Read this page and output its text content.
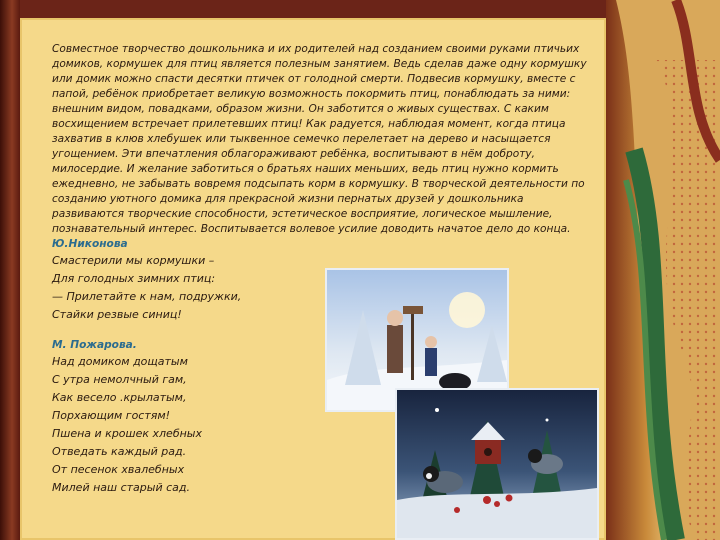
Совместное творчество дошкольника и их родителей над созданием своими руками птичьих домиков, кормушек для птиц является полезным занятием. Ведь сделав даже одну кормушку или домик можно спасти десятки птичек от голодной смерти. Подвесив кормушку, вместе с папой, ребёнок приобретает великую возможность покормить птиц, понаблюдать за ними: внешним видом, повадками, образом жизни. Он заботится о живых существах. С каким восхищением встречает прилетевших птиц! Как радуется, наблюдая момент, когда птица захватив в клюв хлебушек или тыквенное семечко перелетает на дерево и насыщается угощением. Эти впечатления облагораживают ребёнка, воспитывают в нём доброту, милосердие. И желание заботиться о братьях наших меньших, ведь птиц нужно кормить ежедневно, не забывать вовремя подсыпать корм в кормушку. В творческой деятельности по созданию уютного домика для прекрасной жизни пернатых друзей у дошкольника развиваются творческие способности, эстетическое восприятие, логическое мышление, познавательный интерес. Воспитывается волевое усилие доводить начатое дело до конца.

Ю.Никонова

Смастерили мы кормушки –

Для голодных зимних птиц:

— Прилетайте к нам, подружки,

Стайки резвые синиц!

М. Пожарова.

Над домиком дощатым

С утра немолчный гам,

Как весело .крылатым,

Порхающим гостям!

Пшена и крошек хлебных

Отведать каждый рад.

От песенок хвалебных

Милей наш старый сад.
